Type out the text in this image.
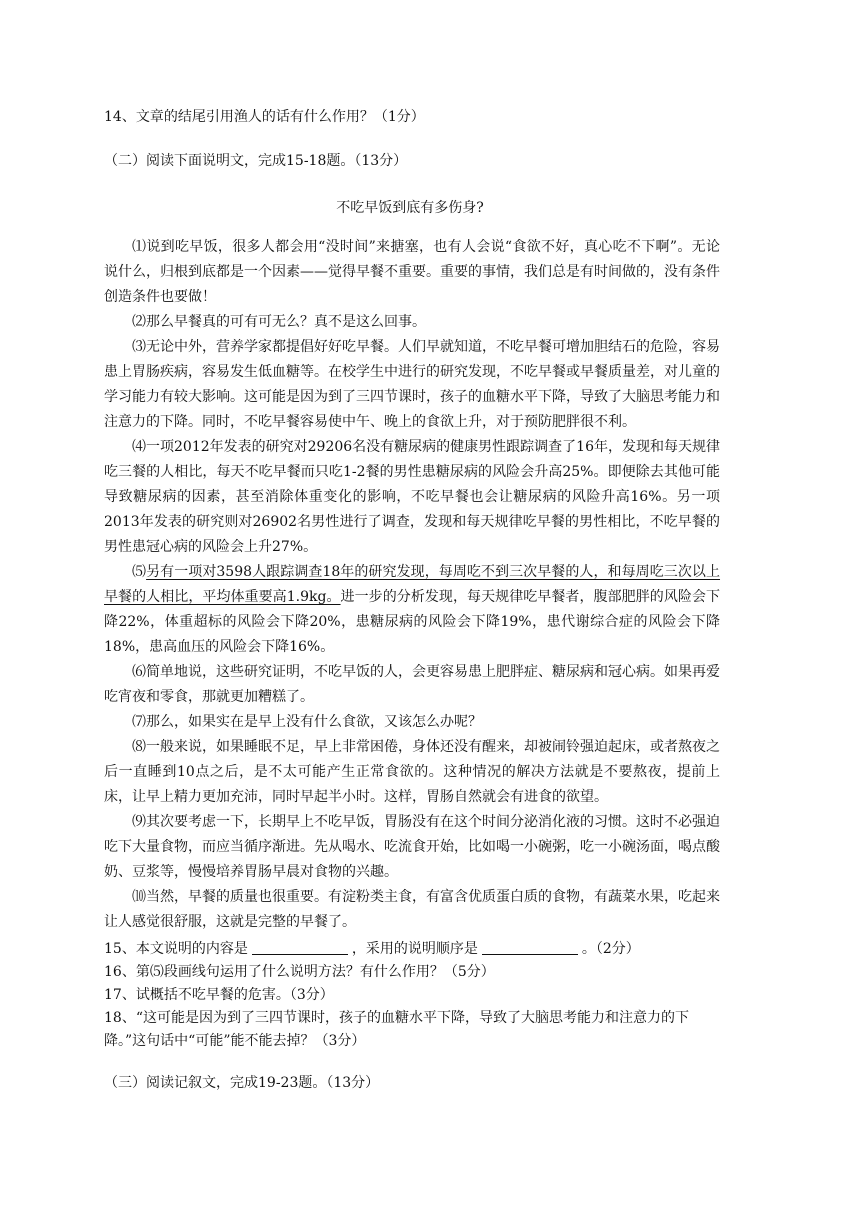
14、文章的结尾引用渔人的话有什么作用？（1分）
（二）阅读下面说明文，完成15-18题。（13分）
不吃早饭到底有多伤身?

⑴说到吃早饭，很多人都会用“没时间”来搪塞，也有人会说“食欲不好，真心吃不下啊”。无论说什么，归根到底都是一个因素——觉得早餐不重要。重要的事情，我们总是有时间做的，没有条件创造条件也要做！

⑵那么早餐真的可有可无么？真不是这么回事。

⑶无论中外，营养学家都提倡好好吃早餐。人们早就知道，不吃早餐可增加胆结石的危险，容易患上胃肠疾病，容易发生低血糖等。在校学生中进行的研究发现，不吃早餐或早餐质量差，对儿童的学习能力有较大影响。这可能是因为到了三四节课时，孩子的血糖水平下降，导致了大脑思考能力和注意力的下降。同时，不吃早餐容易使中午、晚上的食欲上升，对于预防肥胖很不利。

⑷一项2012年发表的研究对29206名没有糖尿病的健康男性跟踪调查了16年，发现和每天规律吃三餐的人相比，每天不吃早餐而只吃1-2餐的男性患糖尿病的风险会升高25%。即便除去其他可能导致糖尿病的因素，甚至消除体重变化的影响，不吃早餐也会让糖尿病的风险升高16%。另一项2013年发表的研究则对26902名男性进行了调查，发现和每天规律吃早餐的男性相比，不吃早餐的男性患冠心病的风险会上升27%。

⑸另有一项对3598人跟踪调查18年的研究发现，每周吃不到三次早餐的人，和每周吃三次以上早餐的人相比，平均体重要高1.9kg。进一步的分析发现，每天规律吃早餐者，腹部肥胖的风险会下降22%，体重超标的风险会下降20%，患糖尿病的风险会下降19%，患代谢综合症的风险会下降18%，患高血压的风险会下降16%。

⑹简单地说，这些研究证明，不吃早饭的人，会更容易患上肥胖症、糖尿病和冠心病。如果再爱吃宵夜和零食，那就更加糟糕了。

⑺那么，如果实在是早上没有什么食欲，又该怎么办呢？

⑻一般来说，如果睡眠不足，早上非常困倦，身体还没有醒来，却被闹铃强迫起床，或者熬夜之后一直睡到10点之后，是不太可能产生正常食欲的。这种情况的解决方法就是不要熬夜，提前上床，让早上精力更加充沛，同时早起半小时。这样，胃肠自然就会有进食的欲望。

⑼其次要考虑一下，长期早上不吃早饭，胃肠没有在这个时间分泌消化液的习惯。这时不必强迫吃下大量食物，而应当循序渐进。先从喝水、吃流食开始，比如喝一小碗粥，吃一小碗汤面，喝点酸奶、豆浆等，慢慢培养胃肠早晨对食物的兴趣。

⑽当然，早餐的质量也很重要。有淀粉类主食，有富含优质蛋白质的食物，有蔬菜水果，吃起来让人感觉很舒服，这就是完整的早餐了。

15、本文说明的内容是	，采用的说明顺序是	。（2分）
16、第⑸段画线句运用了什么说明方法？有什么作用？（5分）
17、试概括不吃早餐的危害。（3分）
18、“这可能是因为到了三四节课时，孩子的血糖水平下降，导致了大脑思考能力和注意力的下降。”这句话中“可能”能不能去掉？（3分）
（三）阅读记叙文，完成19-23题。（13分）
